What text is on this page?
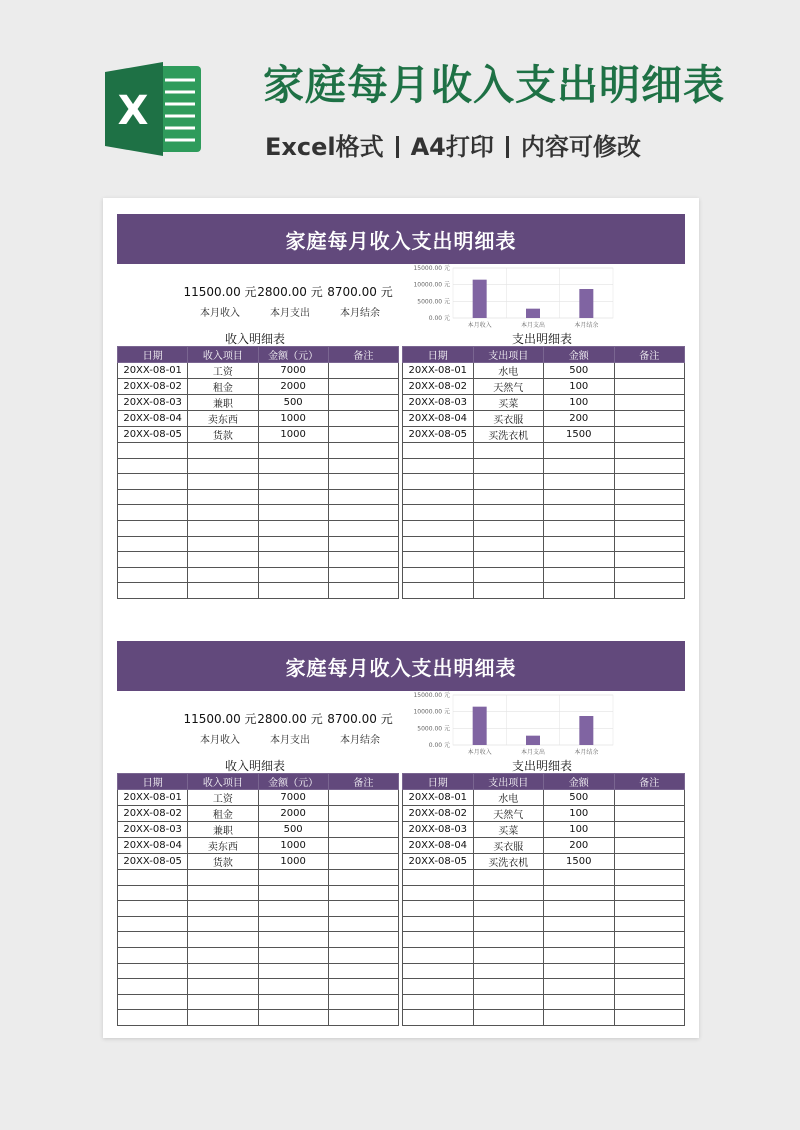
X
家庭每月收入支出明细表
Excel格式 A4打印 内容可修改
家庭每月收入支出明细表
11500.00 元
本月收入
2800.00 元
本月支出
8700.00 元
本月结余
15000.00 元
10000.00 元
5000.00 元
0.00 元
本月收入	本月支出	本月结余
收入明细表	支出明细表
日期	收入项目	金额（元）	备注
20XX-08-01	工资	7000	
20XX-08-02	租金	2000	
20XX-08-03	兼职	500	
20XX-08-04	卖东西	1000	
20XX-08-05	货款	1000	

日期	支出项目	金额	备注
20XX-08-01	水电	500	
20XX-08-02	天然气	100	
20XX-08-03	买菜	100	
20XX-08-04	买衣服	200	
20XX-08-05	买洗衣机	1500	

家庭每月收入支出明细表
11500.00 元
本月收入
2800.00 元
本月支出
8700.00 元
本月结余
15000.00 元
10000.00 元
5000.00 元
0.00 元
本月收入	本月支出	本月结余
收入明细表	支出明细表
日期	收入项目	金额（元）	备注
20XX-08-01	工资	7000	
20XX-08-02	租金	2000	
20XX-08-03	兼职	500	
20XX-08-04	卖东西	1000	
20XX-08-05	货款	1000	

日期	支出项目	金额	备注
20XX-08-01	水电	500	
20XX-08-02	天然气	100	
20XX-08-03	买菜	100	
20XX-08-04	买衣服	200	
20XX-08-05	买洗衣机	1500	
